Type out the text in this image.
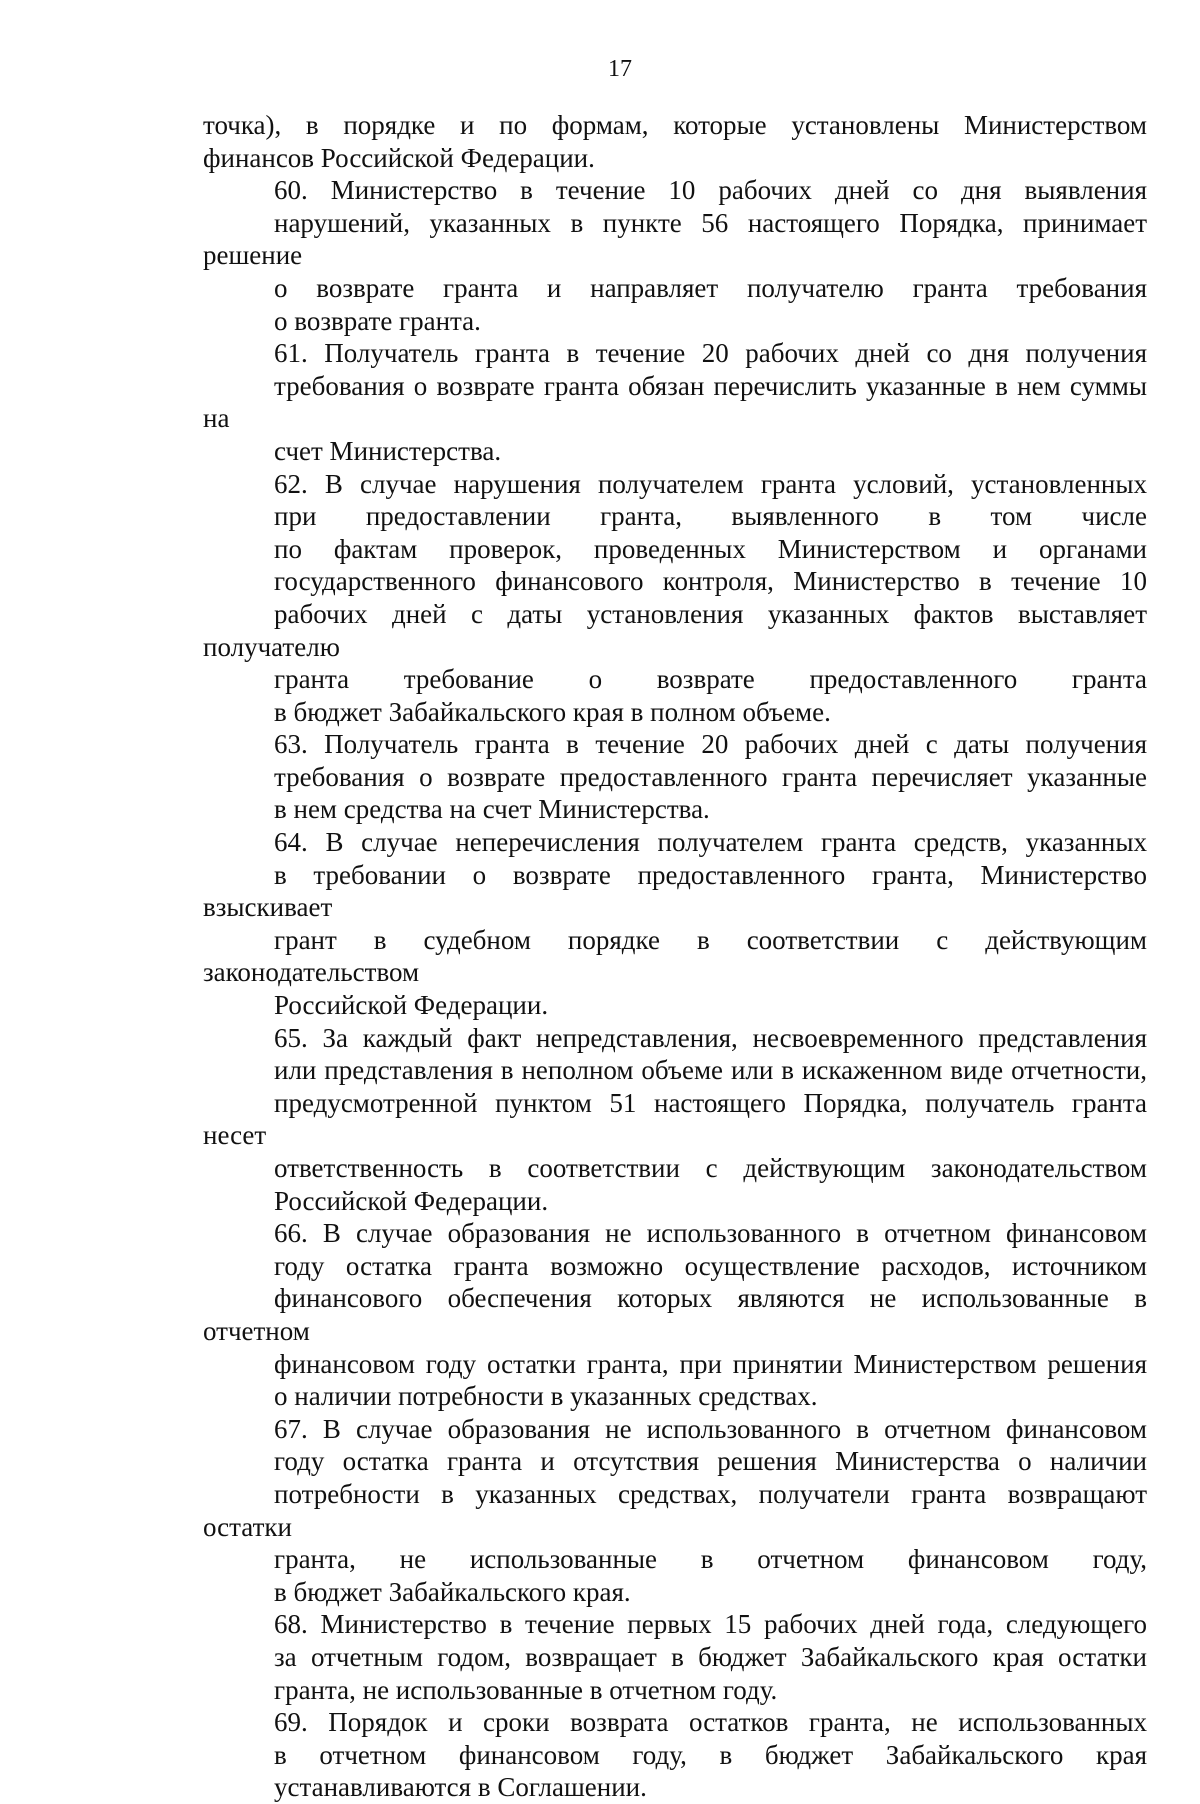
17

точка), в порядке и по формам, которые установлены Министерством
финансов Российской Федерации.

60. Министерство в течение 10 рабочих дней со дня выявления
нарушений, указанных в пункте 56 настоящего Порядка, принимает решение
о возврате гранта и направляет получателю гранта требования
о возврате гранта.

61. Получатель гранта в течение 20 рабочих дней со дня получения
требования о возврате гранта обязан перечислить указанные в нем суммы на
счет Министерства.

62. В случае нарушения получателем гранта условий, установленных
при предоставлении гранта, выявленного в том числе
по фактам проверок, проведенных Министерством и органами
государственного финансового контроля, Министерство в течение 10
рабочих дней с даты установления указанных фактов выставляет получателю
гранта требование о возврате предоставленного гранта
в бюджет Забайкальского края в полном объеме.

63. Получатель гранта в течение 20 рабочих дней с даты получения
требования о возврате предоставленного гранта перечисляет указанные
в нем средства на счет Министерства.

64. В случае неперечисления получателем гранта средств, указанных
в требовании о возврате предоставленного гранта, Министерство взыскивает
грант в судебном порядке в соответствии с действующим законодательством
Российской Федерации.

65. За каждый факт непредставления, несвоевременного представления
или представления в неполном объеме или в искаженном виде отчетности,
предусмотренной пунктом 51 настоящего Порядка, получатель гранта несет
ответственность в соответствии с действующим законодательством
Российской Федерации.

66. В случае образования не использованного в отчетном финансовом
году остатка гранта возможно осуществление расходов, источником
финансового обеспечения которых являются не использованные в отчетном
финансовом году остатки гранта, при принятии Министерством решения
о наличии потребности в указанных средствах.

67. В случае образования не использованного в отчетном финансовом
году остатка гранта и отсутствия решения Министерства о наличии
потребности в указанных средствах, получатели гранта возвращают остатки
гранта, не использованные в отчетном финансовом году,
в бюджет Забайкальского края.

68. Министерство в течение первых 15 рабочих дней года, следующего
за отчетным годом, возвращает в бюджет Забайкальского края остатки
гранта, не использованные в отчетном году.

69. Порядок и сроки возврата остатков гранта, не использованных
в отчетном финансовом году, в бюджет Забайкальского края
устанавливаются в Соглашении.
